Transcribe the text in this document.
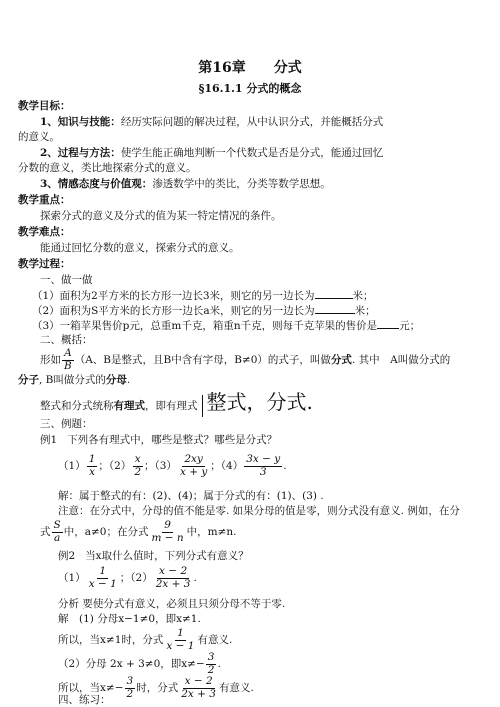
第16章 分式
§16.1.1 分式的概念
教学目标：
1、知识与技能：经历实际问题的解决过程，从中认识分式，并能概括分式
的意义。
2、过程与方法：使学生能正确地判断一个代数式是否是分式，能通过回忆
分数的意义，类比地探索分式的意义。
3、情感态度与价值观：渗透数学中的类比，分类等数学思想。
教学重点：
探索分式的意义及分式的值为某一特定情况的条件。
教学难点：
能通过回忆分数的意义，探索分式的意义。
教学过程：
一、做一做
（1）面积为2平方米的长方形一边长3米，则它的另一边长为	米；
（2）面积为S平方米的长方形一边长a米，则它的另一边长为	米；
（3）一箱苹果售价p元，总重m千克，箱重n千克，则每千克苹果的售价是 元；
二、概括：
形如 $\frac{A}{B} (A$、B是整式，且B中含有字母，B≠0）的式子，叫做分式. 其中　A叫做分式的
分子, B叫做分式的分母.
整式和分式统称有理式，即有理式 整式，分式.
三、例题：
例1 下列各有理式中，哪些是整式？哪些是分式？
$(1) \frac{1}{x}$ ；$(2) \frac{x}{2}$ ；$(3) \frac{2xy}{x + y}$ ；$(4) \frac{3x - y}{3}$ .
解：属于整式的有：(2)、(4)；属于分式的有：(1)、(3) .
注意：在分式中，分母的值不能是零. 如果分母的值是零，则分式没有意义. 例如，在分
式 $\frac{S}{a}$ 中，a≠0；在分式 $\frac{9}{m - n}$ 中，m≠n.
例2 当x取什么值时，下列分式有意义？
$(1) \frac{1}{x - 1}$ ；$(2) \frac{x - 2}{2x + 3}$ .
分析 要使分式有意义，必须且只须分母不等于零.
解　(1) 分母x−1≠0，即x≠1.
所以，当x≠1时，分式 $\frac{1}{x - 1}$ 有意义.
（2）分母 2x + 3≠0，即$x\ne- \frac{3}{2}$ .
所以，当$x\ne- \frac{3}{2}$ 时，分式 $\frac{x - 2}{2x + 3}$ 有意义.
四、练习：
